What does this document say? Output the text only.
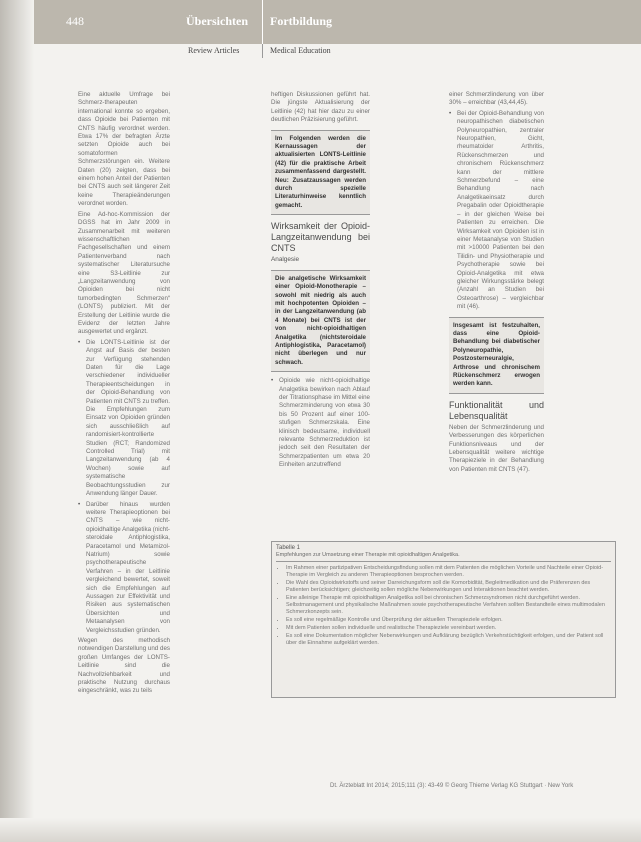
448	Übersichten Fortbildung
Review Articles	Medical Education

Eine aktuelle Umfrage bei Schmerz-therapeuten international konnte so ergeben, dass Opioide bei Patienten mit CNTS häufig verordnet werden. Etwa 17% der befragten Ärzte setzten Opioide auch bei somatoformen Schmerzstörungen ein. Weitere Daten (20) zeigten, dass bei einem hohen Anteil der Patienten bei CNTS auch seit längerer Zeit keine Therapieänderungen verordnet worden.

Eine Ad-hoc-Kommission der DGSS hat im Jahr 2009 in Zusammenarbeit mit weiteren wissenschaftlichen Fachgesellschaften und einem Patientenverband nach systematischer Literatursuche eine S3-Leitlinie zur „Langzeitanwendung von Opioiden bei nicht tumorbedingten Schmerzen“ (LONTS) publiziert. Mit der Erstellung der Leitlinie wurde die Evidenz der letzten Jahre ausgewertet und ergänzt.

• Die LONTS-Leitlinie ist der Angst auf Basis der besten zur Verfügung stehenden Daten für die Lage verschiedener individueller Therapieentscheidungen in der Opioid-Behandlung von Patienten mit CNTS zu treffen. Die Empfehlungen zum Einsatz von Opioiden gründen sich ausschließlich auf randomisiert-kontrollierte Studien (RCT; Randomized Controlled Trial) mit Langzeitanwendung (ab 4 Wochen) sowie auf systematische Beobachtungsstudien zur Anwendung länger Dauer.
• Darüber hinaus wurden weitere Therapieoptionen bei CNTS – wie nicht-opioidhaltige Analgetika (nicht-steroidale Antiphlogistika, Paracetamol und Metamizol-Natrium) sowie psychotherapeutische Verfahren – in der Leitlinie vergleichend bewertet, soweit sich die Empfehlungen auf Aussagen zur Effektivität und Risiken aus systematischen Übersichten und Metaanalysen von Vergleichsstudien gründen.

Wegen des methodisch notwendigen Darstellung und des großen Umfanges der LONTS-Leitlinie sind die Nachvollziehbarkeit und praktische Nutzung durchaus eingeschränkt, was zu teils

heftigen Diskussionen geführt hat. Die jüngste Aktualisierung der Leitlinie (42) hat hier dazu zu einer deutlichen Präzisierung geführt.

Im Folgenden werden die Kernaussagen der aktualisierten LONTS-Leitlinie (42) für die praktische Arbeit zusammenfassend dargestellt. Neu: Zusatzaussagen werden durch spezielle Literaturhinweise kenntlich gemacht.
Wirksamkeit der Opioid-Langzeitanwendung bei CNTS
Analgesie
Die analgetische Wirksamkeit einer Opioid-Monotherapie – sowohl mit niedrig als auch mit hochpotenten Opioiden – in der Langzeitanwendung (ab 4 Monate) bei CNTS ist der von nicht-opioidhaltigen Analgetika (nichtsteroidale Antiphlogistika, Paracetamol) nicht überlegen und nur schwach.
• Opioide wie nicht-opioidhaltige Analgetika bewirken nach Ablauf der Titrationsphase im Mittel eine Schmerzminderung von etwa 30 bis 50 Prozent auf einer 100-stufigen Schmerzskala. Eine klinisch bedeutsame, individuell relevante Schmerzreduktion ist jedoch seit den Resultaten der Schmerzpatienten um etwa 20 Einheiten anzutreffend

einer Schmerzlinderung von über 30% – erreichbar (43,44,45).

• Bei der Opioid-Behandlung von neuropathischen diabetischen Polyneuropathien, zentraler Neuropathien, Gicht, rheumatoider Arthritis, Rückenschmerzen und chronischem Rückenschmerz kann der mittlere Schmerzbefund – eine Behandlung nach Analgetikaeinsatz durch Pregabalin oder Opioidtherapie – in der gleichen Weise bei Patienten zu erreichen. Die Wirksamkeit von Opioiden ist in einer Metaanalyse von Studien mit >10000 Patienten bei den Tilidin- und Physiotherapie und Psychotherapie sowie bei Opioid-Analgetika mit etwa gleicher Wirkungsstärke belegt (Anzahl an Studien bei Osteoarthrose) – vergleichbar mit (46).
Insgesamt ist festzuhalten, dass eine Opioid-Behandlung bei diabetischer Polyneuropathie, Postzosterneuralgie, Arthrose und chronischem Rückenschmerz erwogen werden kann.
Funktionalität und Lebensqualität

Neben der Schmerzlinderung und Verbesserungen des körperlichen Funktionsniveaus und der Lebensqualität weitere wichtige Therapieziele in der Behandlung von Patienten mit CNTS (47).

Tabelle 1
Empfehlungen zur Umsetzung einer Therapie mit opioidhaltigen Analgetika.
• Im Rahmen einer partizipativen Entscheidungsfindung sollen mit dem Patienten die möglichen Vorteile und Nachteile einer Opioid-Therapie im Vergleich zu anderen Therapieoptionen besprochen werden.
• Die Wahl des Opioidwirkstoffs und seiner Darreichungsform soll die Komorbidität, Begleitmedikation und die Präferenzen des Patienten berücksichtigen; gleichzeitig sollen mögliche Nebenwirkungen und Interaktionen beachtet werden.
• Eine alleinige Therapie mit opioidhaltigen Analgetika soll bei chronischen Schmerzsyndromen nicht durchgeführt werden. Selbstmanagement und physikalische Maßnahmen sowie psychotherapeutische Verfahren sollten Bestandteile eines multimodalen Schmerzkonzepts sein.
• Es soll eine regelmäßige Kontrolle und Überprüfung der aktuellen Therapieziele erfolgen.
• Mit dem Patienten sollen individuelle und realistische Therapieziele vereinbart werden.
• Es soll eine Dokumentation möglicher Nebenwirkungen und Aufklärung bezüglich Verkehrstüchtigkeit erfolgen, und der Patient soll über die Einnahme aufgeklärt werden.
Dt. Ärzteblatt Int 2014; 2015;111 (3): 43-49 © Georg Thieme Verlag KG Stuttgart · New York
